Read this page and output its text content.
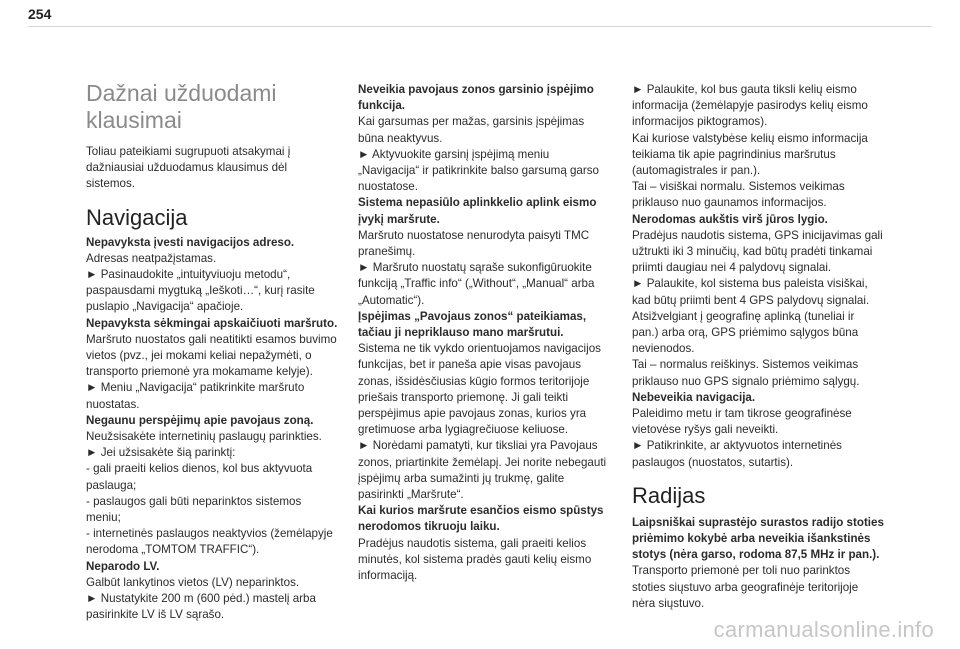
254
Dažnai užduodami
klausimai
Toliau pateikiami sugrupuoti atsakymai į
dažniausiai užduodamus klausimus dėl
sistemos.
Navigacija
Nepavyksta įvesti navigacijos adreso.
Adresas neatpažįstamas.
► Pasinaudokite „intuityviuoju metodu“,
paspausdami mygtuką „Ieškoti…“, kurį rasite
puslapio „Navigacija“ apačioje.
Nepavyksta sėkmingai apskaičiuoti maršruto.
Maršruto nuostatos gali neatitikti esamos buvimo
vietos (pvz., jei mokami keliai nepažymėti, o
transporto priemonė yra mokamame kelyje).
► Meniu „Navigacija“ patikrinkite maršruto
nuostatas.
Negaunu perspėjimų apie pavojaus zoną.
Neužsisakėte internetinių paslaugų parinkties.
► Jei užsisakėte šią parinktį:
- gali praeiti kelios dienos, kol bus aktyvuota
paslauga;
- paslaugos gali būti neparinktos sistemos
meniu;
- internetinės paslaugos neaktyvios (žemėlapyje
nerodoma „TOMTOM TRAFFIC“).
Neparodo LV.
Galbūt lankytinos vietos (LV) neparinktos.
► Nustatykite 200 m (600 pėd.) mastelį arba
pasirinkite LV iš LV sąrašo.
Neveikia pavojaus zonos garsinio įspėjimo
funkcija.
Kai garsumas per mažas, garsinis įspėjimas
būna neaktyvus.
► Aktyvuokite garsinį įspėjimą meniu
„Navigacija“ ir patikrinkite balso garsumą garso
nuostatose.
Sistema nepasiūlo aplinkkelio aplink eismo
įvykį maršrute.
Maršruto nuostatose nenurodyta paisyti TMC
pranešimų.
► Maršruto nuostatų sąraše sukonfigūruokite
funkciją „Traffic info“ („Without“, „Manual“ arba
„Automatic“).
Įspėjimas „Pavojaus zonos“ pateikiamas,
tačiau ji nepriklauso mano maršrutui.
Sistema ne tik vykdo orientuojamos navigacijos
funkcijas, bet ir paneša apie visas pavojaus
zonas, išsidėsčiusias kūgio formos teritorijoje
priešais transporto priemonę. Ji gali teikti
perspėjimus apie pavojaus zonas, kurios yra
gretimuose arba lygiagrečiuose keliuose.
► Norėdami pamatyti, kur tiksliai yra Pavojaus
zonos, priartinkite žemėlapį. Jei norite nebegauti
įspėjimų arba sumažinti jų trukmę, galite
pasirinkti „Maršrute“.
Kai kurios maršrute esančios eismo spūstys
nerodomos tikruoju laiku.
Pradėjus naudotis sistema, gali praeiti kelios
minutės, kol sistema pradės gauti kelių eismo
informaciją.
► Palaukite, kol bus gauta tiksli kelių eismo
informacija (žemėlapyje pasirodys kelių eismo
informacijos piktogramos).
Kai kuriose valstybėse kelių eismo informacija
teikiama tik apie pagrindinius maršrutus
(automagistrales ir pan.).
Tai – visiškai normalu. Sistemos veikimas
priklauso nuo gaunamos informacijos.
Nerodomas aukštis virš jūros lygio.
Pradėjus naudotis sistema, GPS inicijavimas gali
užtrukti iki 3 minučių, kad būtų pradėti tinkamai
priimti daugiau nei 4 palydovų signalai.
► Palaukite, kol sistema bus paleista visiškai,
kad būtų priimti bent 4 GPS palydovų signalai.
Atsižvelgiant į geografinę aplinką (tuneliai ir
pan.) arba orą, GPS priėmimo sąlygos būna
nevienodos.
Tai – normalus reiškinys. Sistemos veikimas
priklauso nuo GPS signalo priėmimo sąlygų.
Nebeveikia navigacija.
Paleidimo metu ir tam tikrose geografinėse
vietovėse ryšys gali neveikti.
► Patikrinkite, ar aktyvuotos internetinės
paslaugos (nuostatos, sutartis).
Radijas
Laipsniškai suprastėjo surastos radijo stoties
priėmimo kokybė arba neveikia išankstinės
stotys (nėra garso, rodoma 87,5 MHz ir pan.).
Transporto priemonė per toli nuo parinktos
stoties siųstuvo arba geografinėje teritorijoje
nėra siųstuvo.
carmanualsonline.info
